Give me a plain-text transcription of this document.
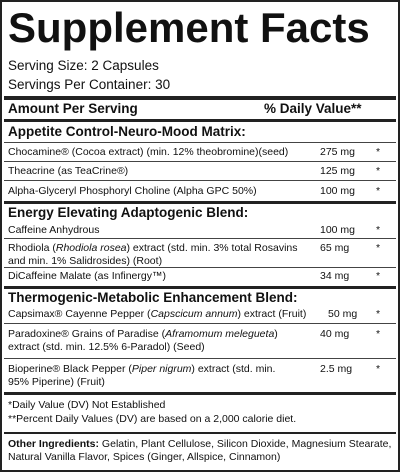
Supplement Facts
Serving Size: 2 Capsules
Servings Per Container: 30
Amount Per Serving	% Daily Value**
Appetite Control-Neuro-Mood Matrix:
Chocamine® (Cocoa extract) (min. 12% theobromine)(seed)	275 mg *
Theacrine (as TeaCrine®)	125 mg *
Alpha-Glyceryl Phosphoryl Choline (Alpha GPC 50%)	100 mg *
Energy Elevating Adaptogenic Blend:
Caffeine Anhydrous	100 mg *
Rhodiola (Rhodiola rosea) extract (std. min. 3% total Rosavins and min. 1% Salidrosides) (Root)
65 mg	*
DiCaffeine Malate (as Infinergy™)	34 mg	*
Thermogenic-Metabolic Enhancement Blend:
Capsimax® Cayenne Pepper (Capscicum annum) extract (Fruit)	50 mg *
Paradoxine® Grains of Paradise (Aframomum melegueta) extract (std. min. 12.5% 6-Paradol) (Seed)
40 mg	*
Bioperine® Black Pepper (Piper nigrum) extract (std. min. 95% Piperine) (Fruit)
2.5 mg *
*Daily Value (DV) Not Established
**Percent Daily Values (DV) are based on a 2,000 calorie diet.
Other Ingredients: Gelatin, Plant Cellulose, Silicon Dioxide, Magnesium Stearate, Natural Vanilla Flavor, Spices (Ginger, Allspice, Cinnamon)
